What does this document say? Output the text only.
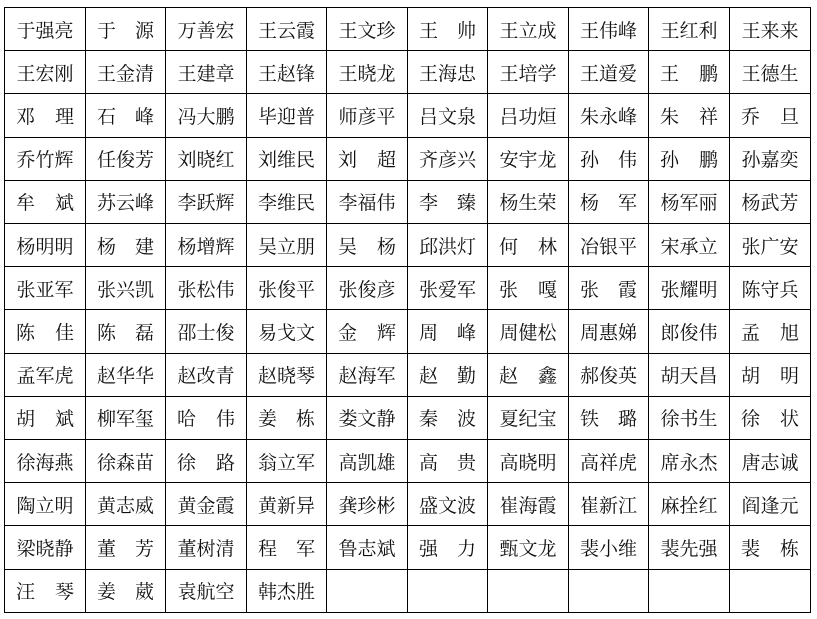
于强亮	于 源	万善宏	王云霞	王文珍	王 帅	王立成	王伟峰	王红利	王来来

王宏刚	王金清	王建章	王赵锋	王晓龙	王海忠	王培学	王道爱	王 鹏	王德生

邓 理	石 峰	冯大鹏	毕迎普	师彦平	吕文泉	吕功烜	朱永峰	朱 祥	乔 旦

乔竹辉	任俊芳	刘晓红	刘维民	刘 超	齐彦兴	安宇龙	孙 伟	孙 鹏	孙嘉奕

牟 斌	苏云峰	李跃辉	李维民	李福伟	李 臻	杨生荣	杨 军	杨军丽	杨武芳

杨明明	杨 建	杨增辉	吴立朋	吴 杨	邱洪灯	何 林	冶银平	宋承立	张广安

张亚军	张兴凯	张松伟	张俊平	张俊彦	张爱军	张 嘎	张 霞	张耀明	陈守兵

陈 佳	陈 磊	邵士俊	易戈文	金 辉	周 峰	周健松	周惠娣	郎俊伟	孟 旭

孟军虎	赵华华	赵改青	赵晓琴	赵海军	赵 勤	赵 鑫	郝俊英	胡天昌	胡 明

胡 斌	柳军玺	哈 伟	姜 栋	娄文静	秦 波	夏纪宝	铁 璐	徐书生	徐 状

徐海燕	徐森苗	徐 路	翁立军	高凯雄	高 贵	高晓明	高祥虎	席永杰	唐志诚

陶立明	黄志威	黄金霞	黄新异	龚珍彬	盛文波	崔海霞	崔新江	麻拴红	阎逢元

梁晓静	董 芳	董树清	程 军	鲁志斌	强 力	甄文龙	裴小维	裴先强	裴 栋

汪 琴	姜 葳	袁航空	韩杰胜						
